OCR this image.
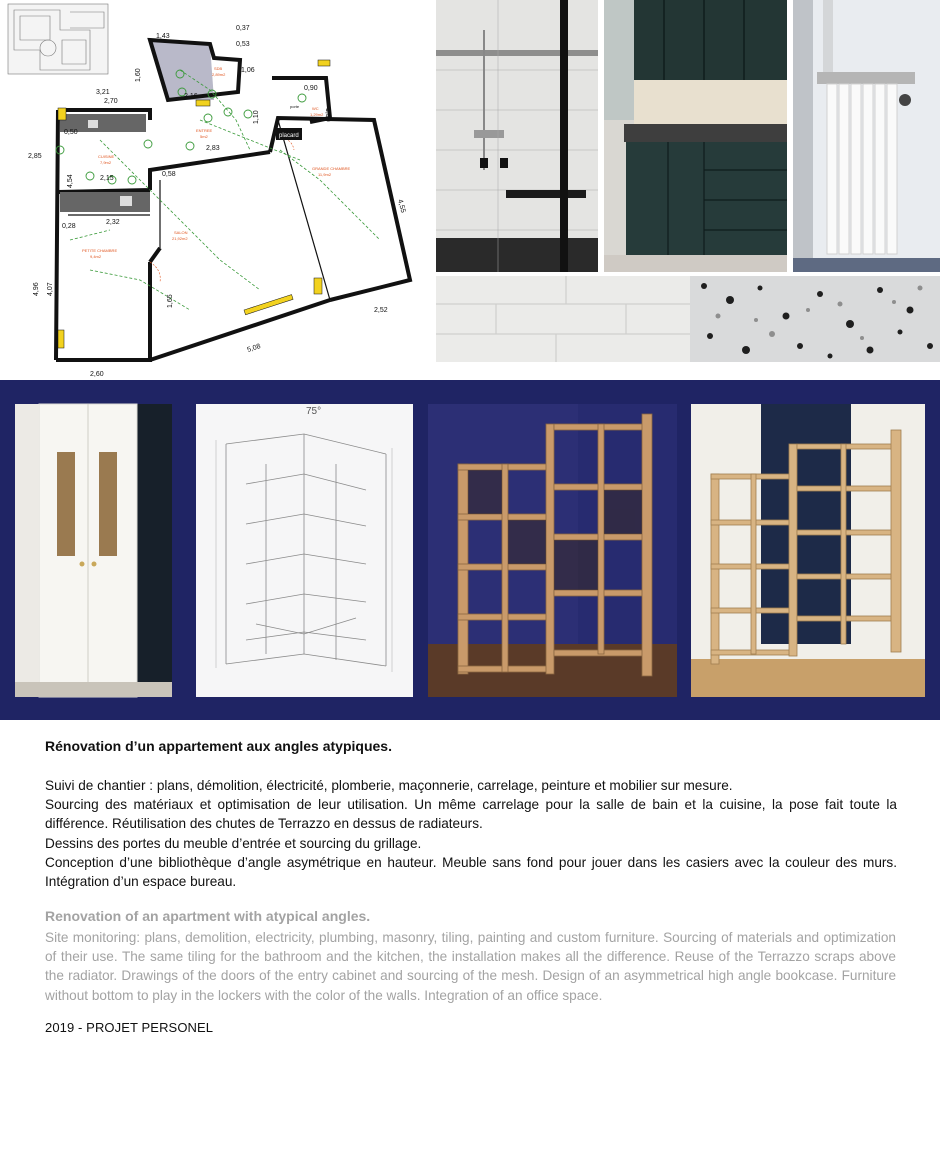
1,43
0,37
0,53
1,06
1,60
3,21
2,70
2,16
0,90
1,10	1,50
0,50
2,85
2,83
0,58
2,15
4,54
0,28
2,32
4,96 4,07
1,65
4,55
2,52
5,08
2,60
SDB
2,89m2
WC
1,29m2
ENTREE
5m2
CUISINE
7,9m2
GRANDE CHAMBRE
11,9m2
SALON
21,92m2
PETITE CHAMBRE
9,4m2
placard
porte
75°
Rénovation d’un appartement aux angles atypiques.

Suivi de chantier : plans, démolition, électricité, plomberie, maçonnerie, carrelage, peinture et mobilier sur mesure.

Sourcing des matériaux et optimisation de leur utilisation. Un même carrelage pour la salle de bain et la cuisine, la pose fait toute la différence. Réutilisation des chutes de Terrazzo en dessus de radiateurs.

Dessins des portes du meuble d’entrée et sourcing du grillage.

Conception d’une bibliothèque d’angle asymétrique en hauteur. Meuble sans fond pour jouer dans les casiers avec la couleur des murs. Intégration d’un espace bureau.

Renovation of an apartment with atypical angles.
Site monitoring: plans, demolition, electricity, plumbing, masonry, tiling, painting and custom furniture. Sourcing of materials and optimization of their use. The same tiling for the bathroom and the kitchen, the installation makes all the difference. Reuse of the Terrazzo scraps above the radiator. Drawings of the doors of the entry cabinet and sourcing of the mesh. Design of an asymmetrical high angle bookcase. Furniture without bottom to play in the lockers with the color of the walls. Integration of an office space.
2019 - PROJET PERSONEL
